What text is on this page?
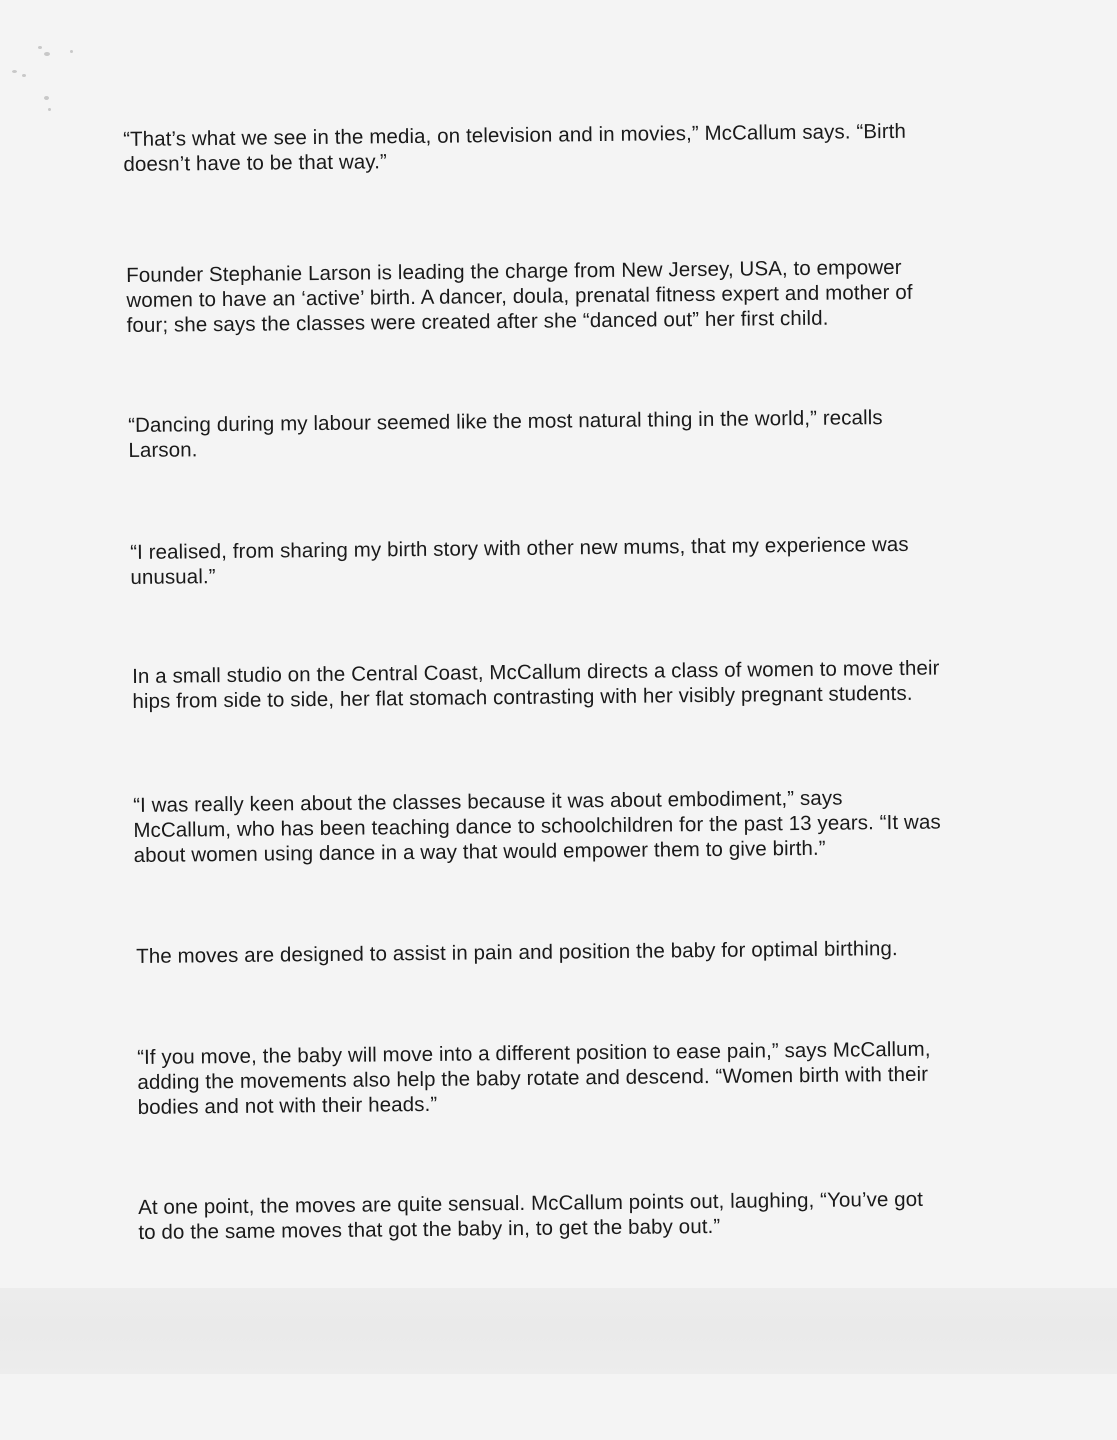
“That’s what we see in the media, on television and in movies,” McCallum says. “Birth
doesn’t have to be that way.”
Founder Stephanie Larson is leading the charge from New Jersey, USA, to empower
women to have an ‘active’ birth. A dancer, doula, prenatal fitness expert and mother of
four; she says the classes were created after she “danced out” her first child.
“Dancing during my labour seemed like the most natural thing in the world,” recalls
Larson.
“I realised, from sharing my birth story with other new mums, that my experience was
unusual.”
In a small studio on the Central Coast, McCallum directs a class of women to move their
hips from side to side, her flat stomach contrasting with her visibly pregnant students.
“I was really keen about the classes because it was about embodiment,” says
McCallum, who has been teaching dance to schoolchildren for the past 13 years. “It was
about women using dance in a way that would empower them to give birth.”
The moves are designed to assist in pain and position the baby for optimal birthing.
“If you move, the baby will move into a different position to ease pain,” says McCallum,
adding the movements also help the baby rotate and descend. “Women birth with their
bodies and not with their heads.”
At one point, the moves are quite sensual. McCallum points out, laughing, “You’ve got
to do the same moves that got the baby in, to get the baby out.”
